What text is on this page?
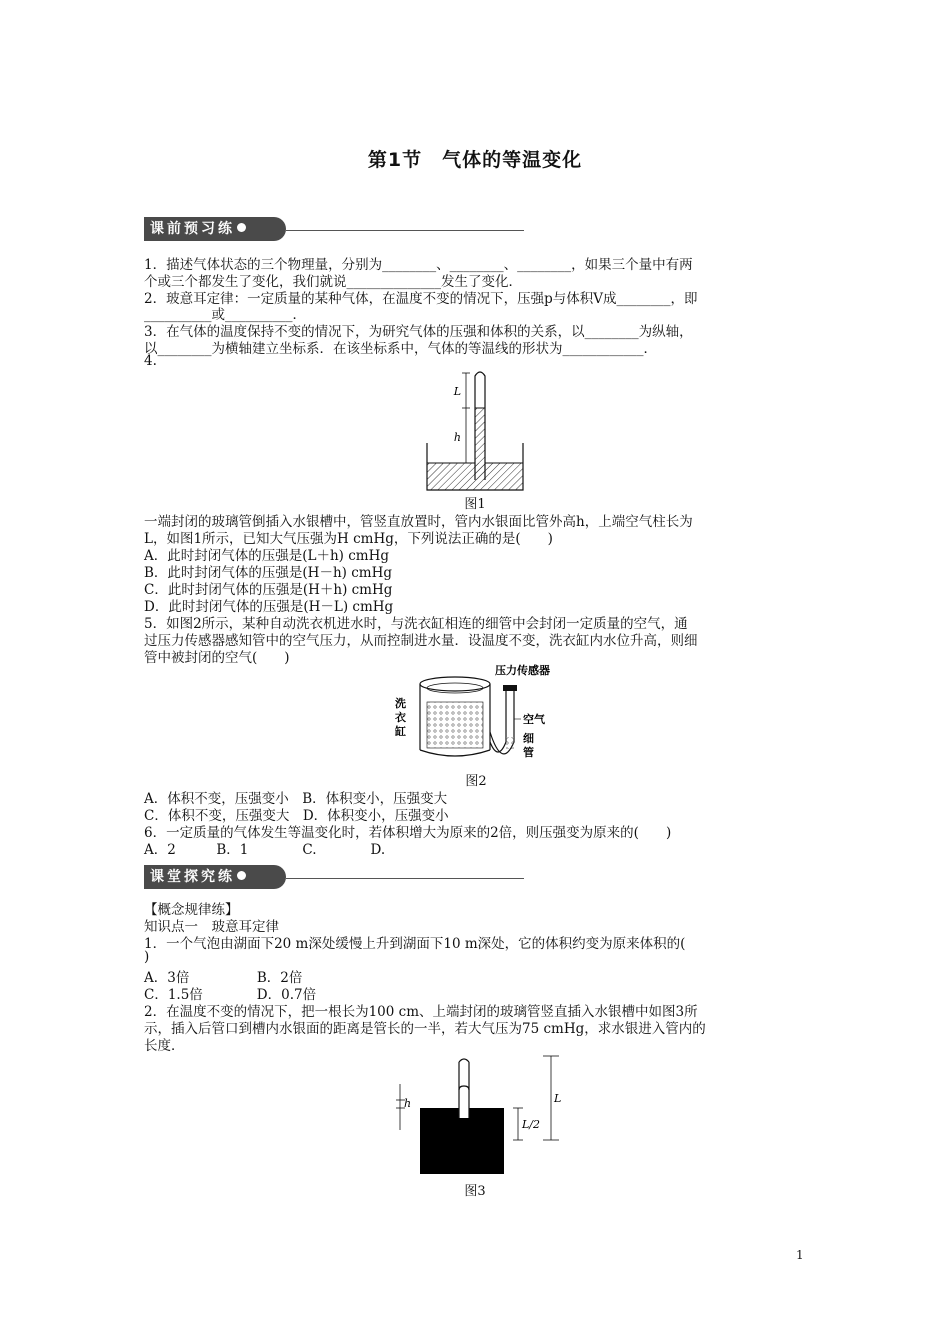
第1节　气体的等温变化
课前预习练
1．描述气体状态的三个物理量，分别为________、________、________，如果三个量中有两
个或三个都发生了变化，我们就说______________发生了变化．
2．玻意耳定律：一定质量的某种气体，在温度不变的情况下，压强p与体积V成________，即
__________或__________．
3．在气体的温度保持不变的情况下，为研究气体的压强和体积的关系，以________为纵轴，
以________为横轴建立坐标系．在该坐标系中，气体的等温线的形状为____________．
4.
L
h
图1
一端封闭的玻璃管倒插入水银槽中，管竖直放置时，管内水银面比管外高h，上端空气柱长为
L，如图1所示，已知大气压强为H cmHg，下列说法正确的是(　　)
A．此时封闭气体的压强是(L＋h) cmHg
B．此时封闭气体的压强是(H－h) cmHg
C．此时封闭气体的压强是(H＋h) cmHg
D．此时封闭气体的压强是(H－L) cmHg
5．如图2所示，某种自动洗衣机进水时，与洗衣缸相连的细管中会封闭一定质量的空气，通
过压力传感器感知管中的空气压力，从而控制进水量．设温度不变，洗衣缸内水位升高，则细
管中被封闭的空气(　　)
压力传感器
洗
衣
缸
空气
细
管
图2
A．体积不变，压强变小　B．体积变小，压强变大
C．体积不变，压强变大　D．体积变小，压强变小
6．一定质量的气体发生等温变化时，若体积增大为原来的2倍，则压强变为原来的(　　)
A．2　　　B．1　　　　C.　　　　D.
课堂探究练
【概念规律练】
知识点一　玻意耳定律
1．一个气泡由湖面下20 m深处缓慢上升到湖面下10 m深处，它的体积约变为原来体积的(
)
A．3倍　　　　　B．2倍
C．1.5倍　　　　D．0.7倍
2．在温度不变的情况下，把一根长为100 cm、上端封闭的玻璃管竖直插入水银槽中如图3所
示，插入后管口到槽内水银面的距离是管长的一半，若大气压为75 cmHg，求水银进入管内的
长度．
h	L
L/2
图3
1
